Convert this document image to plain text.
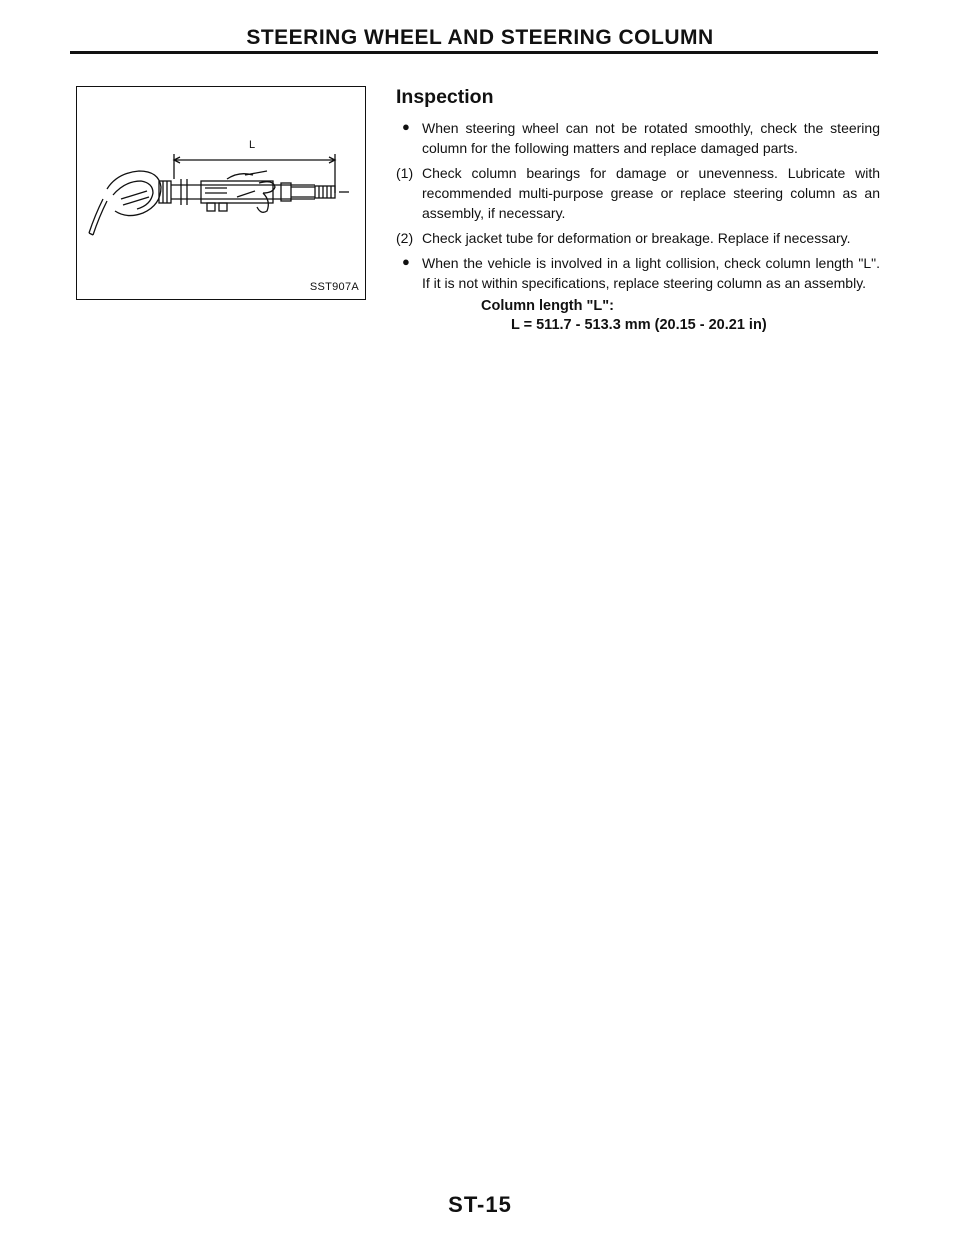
STEERING WHEEL AND STEERING COLUMN
L
SST907A
Inspection
● When steering wheel can not be rotated smoothly, check the steering column for the following matters and replace damaged parts.

(1) Check column bearings for damage or unevenness. Lubricate with recommended multi-purpose grease or replace steering column as an assembly, if necessary.

(2) Check jacket tube for deformation or breakage. Replace if necessary.

● When the vehicle is involved in a light collision, check column length "L". If it is not within specifications, replace steering column as an assembly.

Column length "L":
L = 511.7 - 513.3 mm (20.15 - 20.21 in)
ST-15
